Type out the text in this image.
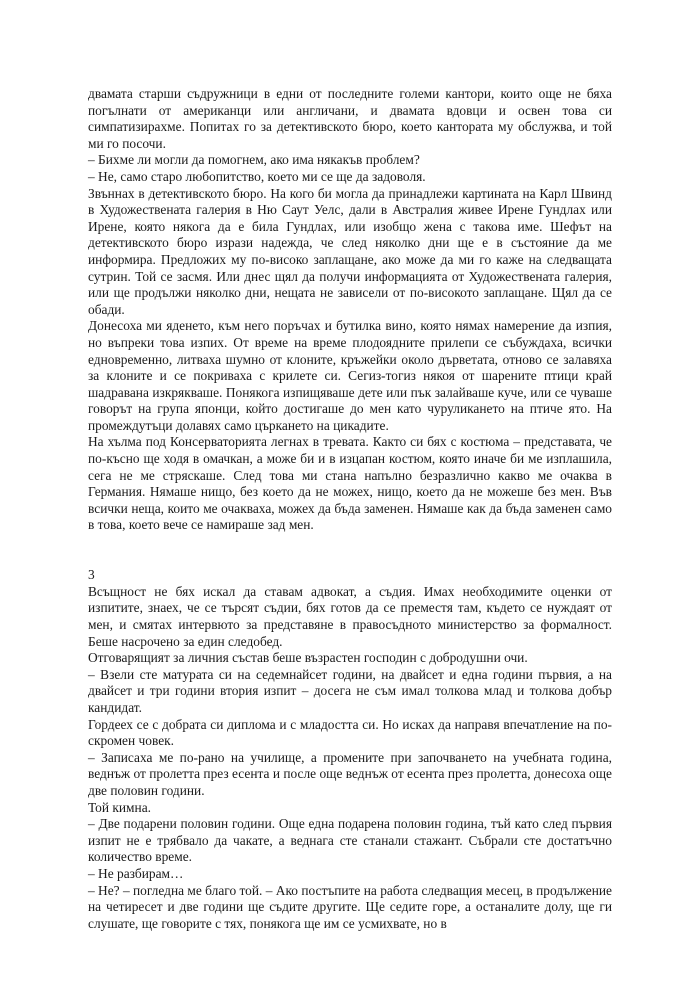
двамата старши съдружници в едни от последните големи кантори, които още не бяха погълнати от американци или англичани, и двамата вдовци и освен това си симпатизирахме. Попитах го за детективското бюро, което канторaта му обслужва, и той ми го посочи.

– Бихме ли могли да помогнем, ако има някакъв проблем?

– Не, само старо любопитство, което ми се ще да задоволя.

Звъннах в детективското бюро. На кого би могла да принадлежи картината на Карл Швинд в Художествената галерия в Ню Саут Уелс, дали в Австралия живее Ирене Гундлах или Ирене, която някога да е била Гундлах, или изобщо жена с такова име. Шефът на детективското бюро изрази надежда, че след няколко дни ще е в състояние да ме информира. Предложих му по-високо заплащане, ако може да ми го каже на следващата сутрин. Той се засмя. Или днес щял да получи информацията от Художествената галерия, или ще продължи няколко дни, нещата не зависели от по-високото заплащане. Щял да се обади.

Донесоха ми яденето, към него поръчах и бутилка вино, която нямах намерение да изпия, но въпреки това изпих. От време на време плодоядните прилепи се събуждаха, всички едновременно, литваха шумно от клоните, кръжейки около дърветата, отново се залавяха за клоните и се покриваха с крилете си. Сегиз-тогиз някоя от шарените птици край шадравана изкрякваше. Понякога изпищяваше дете или пък залайваше куче, или се чуваше говорът на група японци, който достигаше до мен като чуруликането на птиче ято. На промеждутъци долавях само църкането на цикадите.

На хълма под Консерваторията легнах в тревата. Както си бях с костюма – представата, че по-късно ще ходя в омачкан, а може би и в изцапан костюм, която иначе би ме изплашила, сега не ме стряскаше. След това ми стана напълно безразлично какво ме очаква в Германия. Нямаше нищо, без което да не можех, нищо, което да не можеше без мен. Във всички неща, които ме очакваха, можех да бъда заменен. Нямаше как да бъда заменен само в това, което вече се намираше зад мен.

3

Всъщност не бях искал да ставам адвокат, а съдия. Имах необходимите оценки от изпитите, знаех, че се търсят съдии, бях готов да се преместя там, където се нуждаят от мен, и смятах интервюто за представяне в правосъдното министерство за формалност. Беше насрочено за един следобед.

Отговарящият за личния състав беше възрастен господин с добродушни очи.

– Взели сте матурата си на седемнайсет години, на двайсет и една години първия, а на двайсет и три години втория изпит – досега не съм имал толкова млад и толкова добър кандидат.

Гордеех се с добрата си диплома и с младостта си. Но исках да направя впечатление на по-скромен човек.

– Записаха ме по-рано на училище, а промените при започването на учебната година, веднъж от пролетта през есента и после още веднъж от есента през пролетта, донесоха още две половин години.

Той кимна.

– Две подарени половин години. Още една подарена половин година, тъй като след първия изпит не е трябвало да чакате, а веднага сте станали стажант. Събрали сте достатъчно количество време.

– Не разбирам…

– Не? – погледна ме благо той. – Ако постъпите на работа следващия месец, в продължение на четиресет и две години ще съдите другите. Ще седите горе, а останалите долу, ще ги слушате, ще говорите с тях, понякога ще им се усмихвате, но в
